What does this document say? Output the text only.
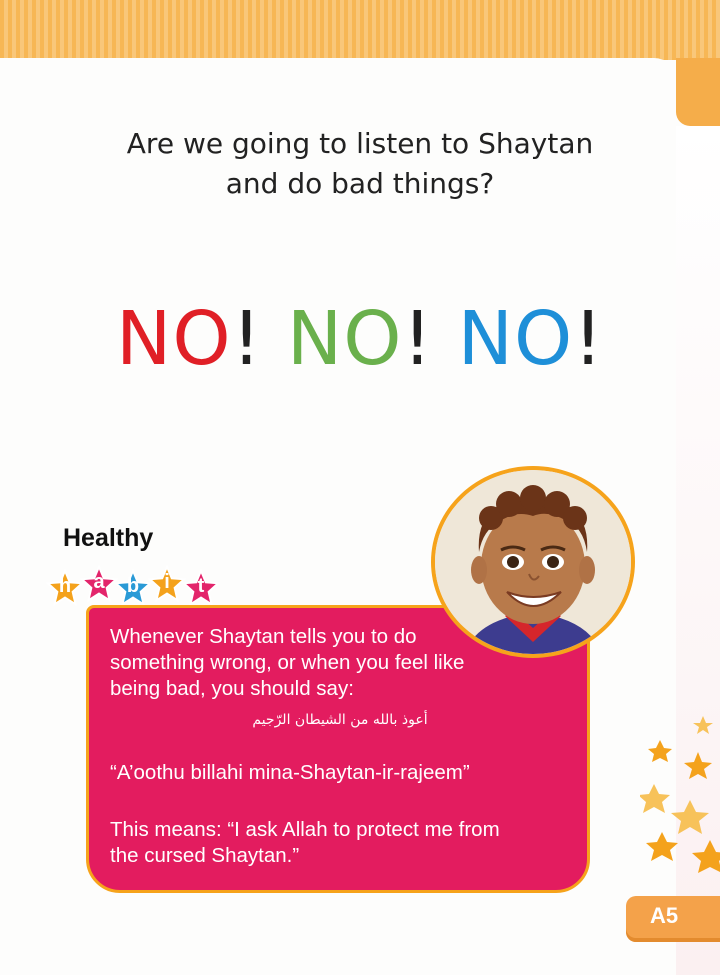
Are we going to listen to Shaytan
and do bad things?
NO! NO! NO!
Healthy
h	a	b	i	t
Whenever Shaytan tells you to do
something wrong, or when you feel like
being bad, you should say:
أعوذ بالله من الشيطان الرّجيم
“A’oothu billahi mina-Shaytan-ir-rajeem”
This means: “I ask Allah to protect me from
the cursed Shaytan.”
A5
